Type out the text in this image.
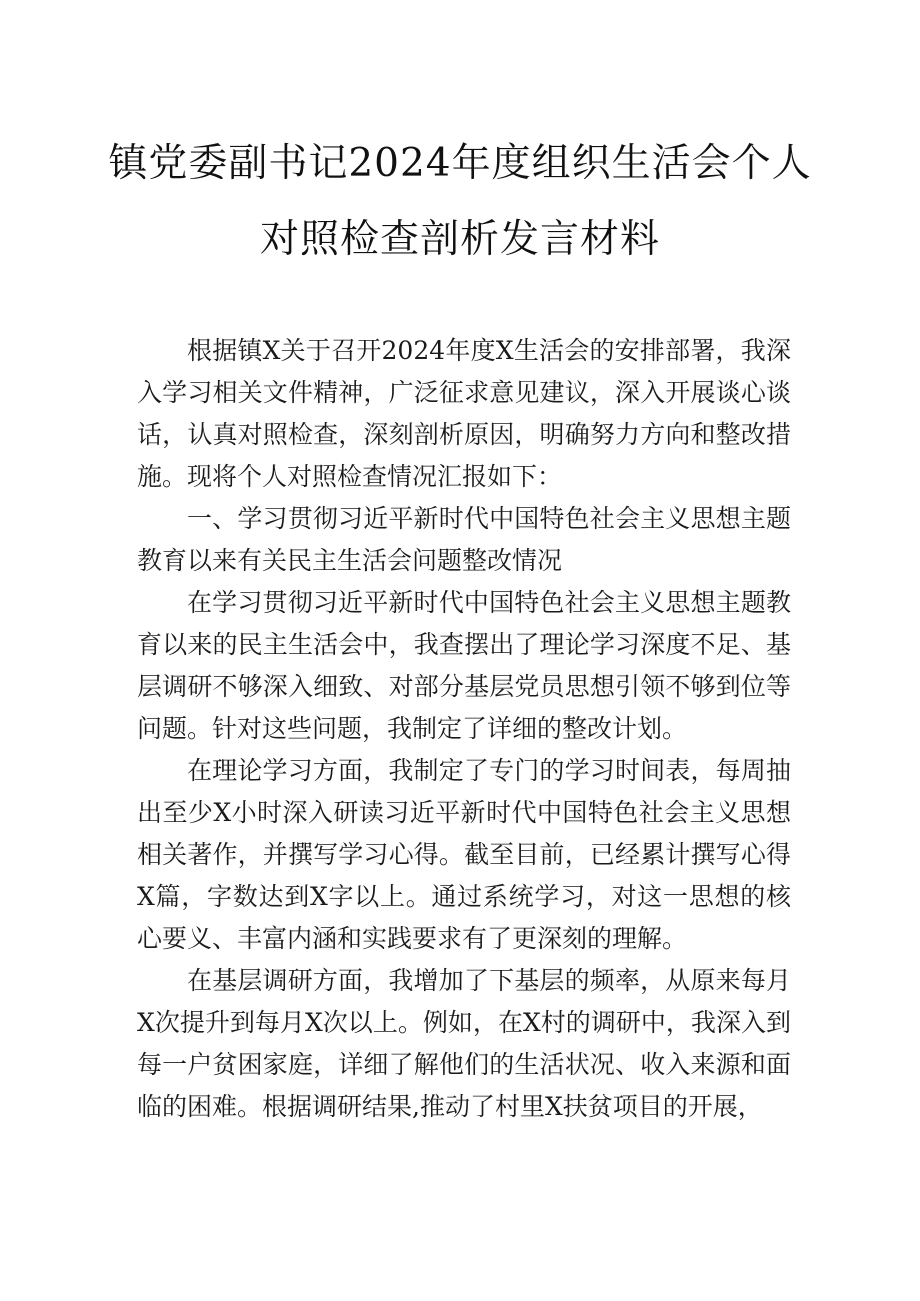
镇党委副书记2024年度组织生活会个人
对照检查剖析发言材料

根据镇X关于召开2024年度X生活会的安排部署，我深入学习相关文件精神，广泛征求意见建议，深入开展谈心谈话，认真对照检查，深刻剖析原因，明确努力方向和整改措施。现将个人对照检查情况汇报如下：

一、学习贯彻习近平新时代中国特色社会主义思想主题教育以来有关民主生活会问题整改情况

在学习贯彻习近平新时代中国特色社会主义思想主题教育以来的民主生活会中，我查摆出了理论学习深度不足、基层调研不够深入细致、对部分基层党员思想引领不够到位等问题。针对这些问题，我制定了详细的整改计划。

在理论学习方面，我制定了专门的学习时间表，每周抽出至少X小时深入研读习近平新时代中国特色社会主义思想相关著作，并撰写学习心得。截至目前，已经累计撰写心得X篇，字数达到X字以上。通过系统学习，对这一思想的核心要义、丰富内涵和实践要求有了更深刻的理解。

在基层调研方面，我增加了下基层的频率，从原来每月X次提升到每月X次以上。例如，在X村的调研中，我深入到每一户贫困家庭，详细了解他们的生活状况、收入来源和面临的困难。根据调研结果,推动了村里X扶贫项目的开展，
